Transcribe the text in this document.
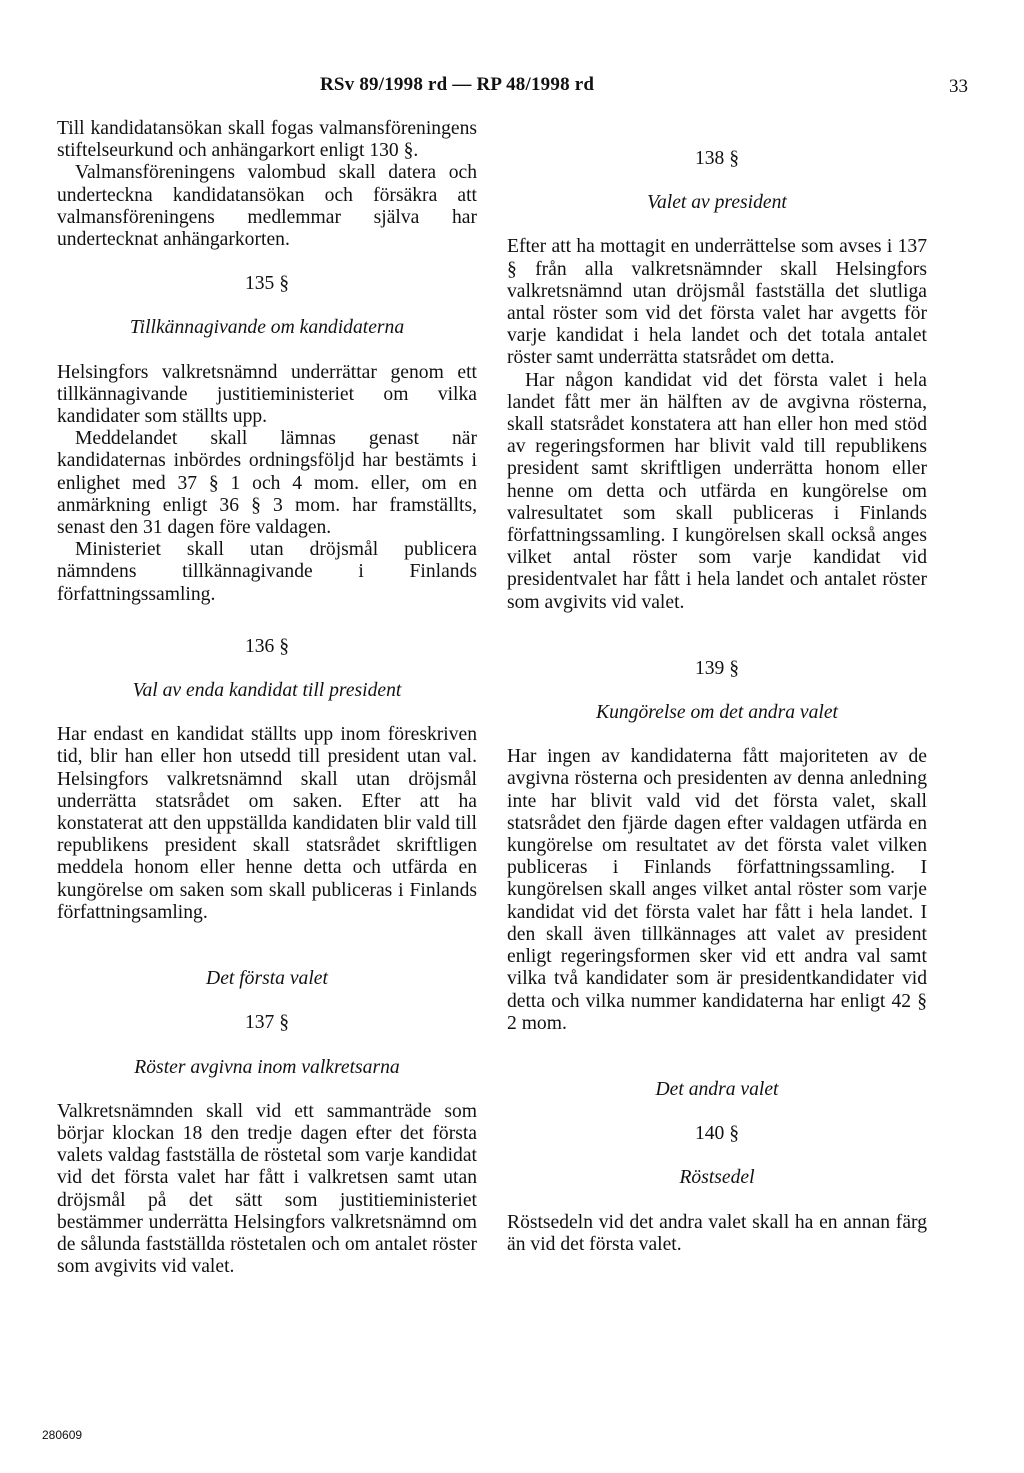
RSv 89/1998 rd — RP 48/1998 rd	33

Till kandidatansökan skall fogas valmansföreningens stiftelseurkund och anhängarkort enligt 130 §.

Valmansföreningens valombud skall datera och underteckna kandidatansökan och försäkra att valmansföreningens medlemmar själva har undertecknat anhängarkorten.

135 §

Tillkännagivande om kandidaterna

Helsingfors valkretsnämnd underrättar genom ett tillkännagivande justitieministeriet om vilka kandidater som ställts upp.

Meddelandet skall lämnas genast när kandidaternas inbördes ordningsföljd har bestämts i enlighet med 37 § 1 och 4 mom. eller, om en anmärkning enligt 36 § 3 mom. har framställts, senast den 31 dagen före valdagen.

Ministeriet skall utan dröjsmål publicera nämndens tillkännagivande i Finlands författningssamling.

136 §

Val av enda kandidat till president

Har endast en kandidat ställts upp inom föreskriven tid, blir han eller hon utsedd till president utan val. Helsingfors valkretsnämnd skall utan dröjsmål underrätta statsrådet om saken. Efter att ha konstaterat att den uppställda kandidaten blir vald till republikens president skall statsrådet skriftligen meddela honom eller henne detta och utfärda en kungörelse om saken som skall publiceras i Finlands författningsamling.

Det första valet

137 §

Röster avgivna inom valkretsarna

Valkretsnämnden skall vid ett sammanträde som börjar klockan 18 den tredje dagen efter det första valets valdag fastställa de röstetal som varje kandidat vid det första valet har fått i valkretsen samt utan dröjsmål på det sätt som justitieministeriet bestämmer underrätta Helsingfors valkretsnämnd om de sålunda fastställda röstetalen och om antalet röster som avgivits vid valet.

138 §

Valet av president

Efter att ha mottagit en underrättelse som avses i 137 § från alla valkretsnämnder skall Helsingfors valkretsnämnd utan dröjsmål fastställa det slutliga antal röster som vid det första valet har avgetts för varje kandidat i hela landet och det totala antalet röster samt underrätta statsrådet om detta.

Har någon kandidat vid det första valet i hela landet fått mer än hälften av de avgivna rösterna, skall statsrådet konstatera att han eller hon med stöd av regeringsformen har blivit vald till republikens president samt skriftligen underrätta honom eller henne om detta och utfärda en kungörelse om valresultatet som skall publiceras i Finlands författningssamling. I kungörelsen skall också anges vilket antal röster som varje kandidat vid presidentvalet har fått i hela landet och antalet röster som avgivits vid valet.

139 §

Kungörelse om det andra valet

Har ingen av kandidaterna fått majoriteten av de avgivna rösterna och presidenten av denna anledning inte har blivit vald vid det första valet, skall statsrådet den fjärde dagen efter valdagen utfärda en kungörelse om resultatet av det första valet vilken publiceras i Finlands författningssamling. I kungörelsen skall anges vilket antal röster som varje kandidat vid det första valet har fått i hela landet. I den skall även tillkännages att valet av president enligt regeringsformen sker vid ett andra val samt vilka två kandidater som är presidentkandidater vid detta och vilka nummer kandidaterna har enligt 42 § 2 mom.

Det andra valet

140 §

Röstsedel

Röstsedeln vid det andra valet skall ha en annan färg än vid det första valet.

280609
